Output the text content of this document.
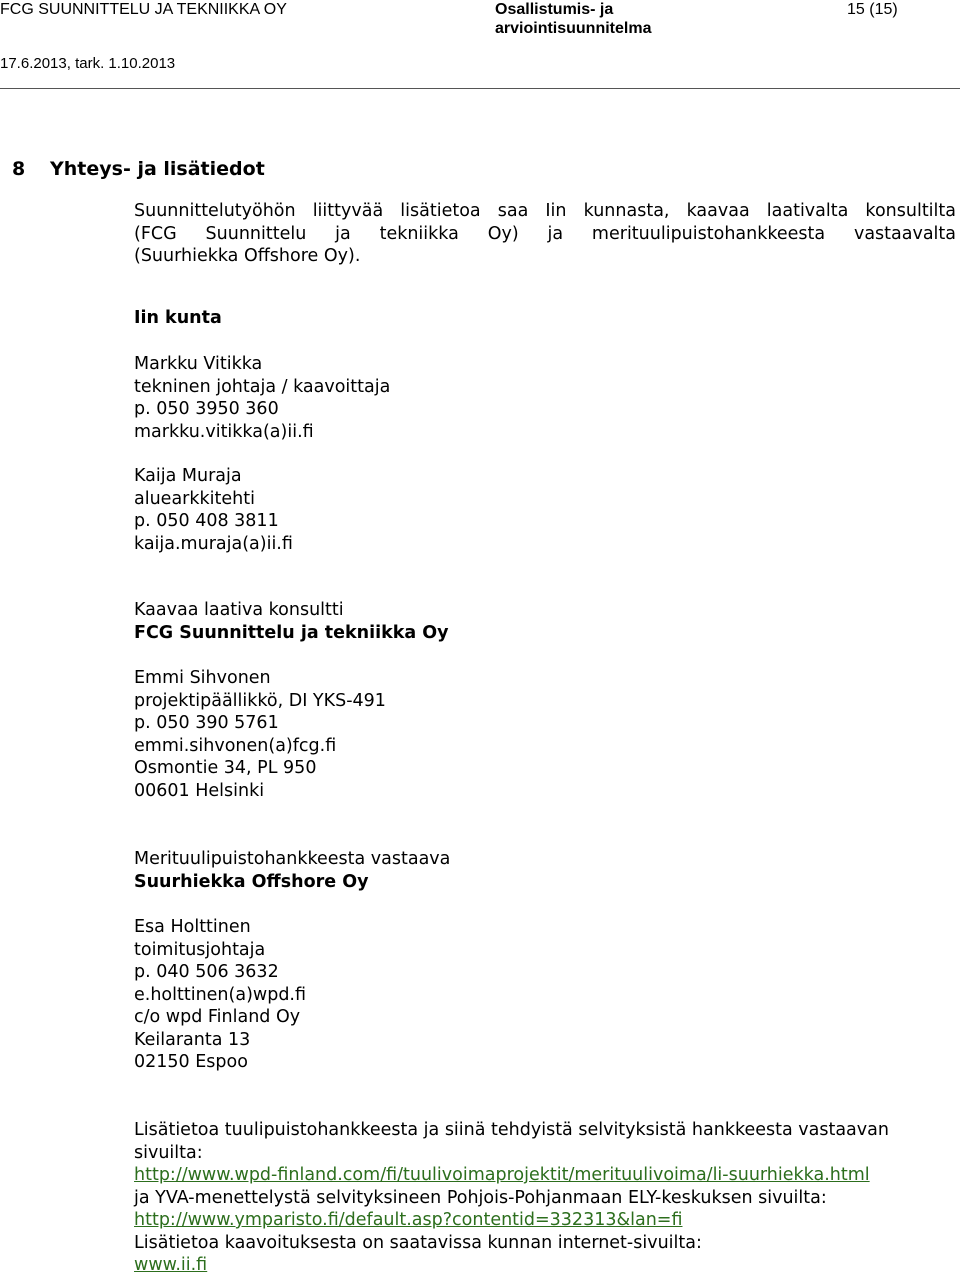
FCG SUUNNITTELU JA TEKNIIKKA OY	Osallistumis- ja
arviointisuunnitelma
15 (15)
17.6.2013, tark. 1.10.2013
8 Yhteys- ja lisätiedot
Suunnittelutyöhön liittyvää lisätietoa saa Iin kunnasta, kaavaa laativalta konsultilta
(FCG Suunnittelu ja tekniikka Oy) ja merituulipuistohankkeesta vastaavalta
(Suurhiekka Offshore Oy).
Iin kunta
Markku Vitikka
tekninen johtaja / kaavoittaja
p. 050 3950 360
markku.vitikka(a)ii.fi
Kaija Muraja
aluearkkitehti
p. 050 408 3811
kaija.muraja(a)ii.fi
Kaavaa laativa konsultti
FCG Suunnittelu ja tekniikka Oy
Emmi Sihvonen
projektipäällikkö, DI YKS-491
p. 050 390 5761
emmi.sihvonen(a)fcg.fi
Osmontie 34, PL 950
00601 Helsinki
Merituulipuistohankkeesta vastaava
Suurhiekka Offshore Oy
Esa Holttinen
toimitusjohtaja
p. 040 506 3632
e.holttinen(a)wpd.fi
c/o wpd Finland Oy
Keilaranta 13
02150 Espoo
Lisätietoa tuulipuistohankkeesta ja siinä tehdyistä selvityksistä hankkeesta vastaavan
sivuilta:
http://www.wpd-finland.com/fi/tuulivoimaprojektit/merituulivoima/li-suurhiekka.html
ja YVA-menettelystä selvityksineen Pohjois-Pohjanmaan ELY-keskuksen sivuilta:
http://www.ymparisto.fi/default.asp?contentid=332313&lan=fi
Lisätietoa kaavoituksesta on saatavissa kunnan internet-sivuilta:
www.ii.fi
